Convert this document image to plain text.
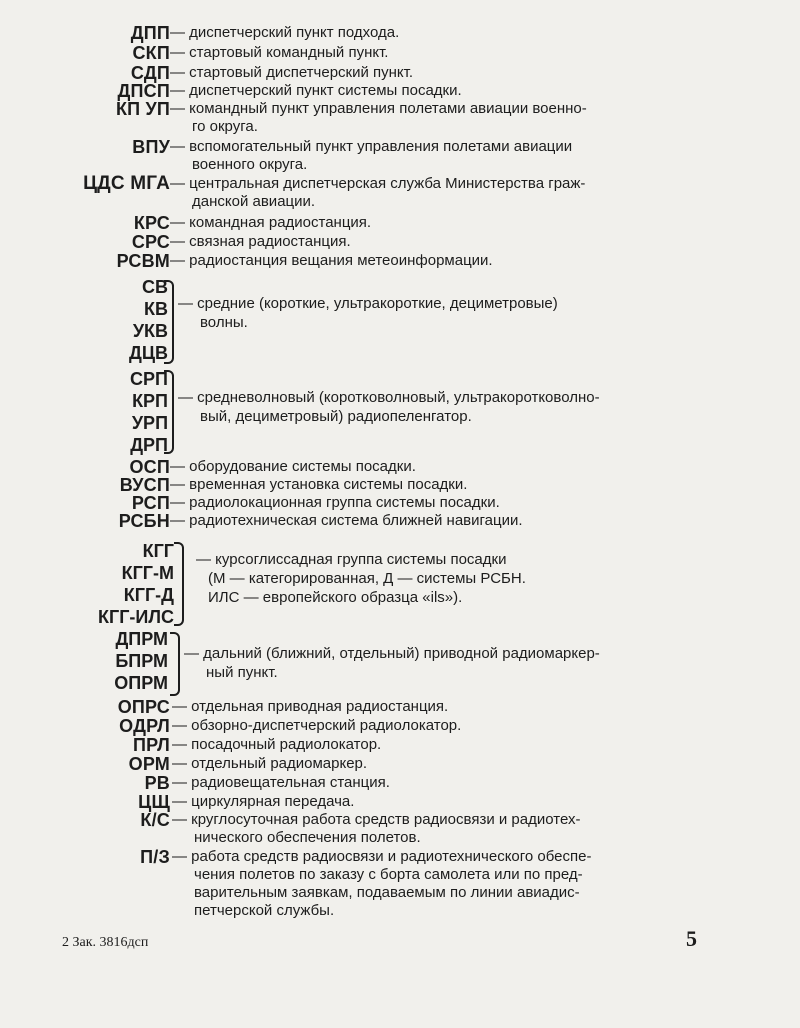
ДПП — диспетчерский пункт подхода.
СКП — стартовый командный пункт.
СДП — стартовый диспетчерский пункт.
ДПСП — диспетчерский пункт системы посадки.
КП УП — командный пункт управления полетами авиации военно-
го округа.
ВПУ — вспомогательный пункт управления полетами авиации
военного округа.
ЦДС МГА — центральная диспетчерская служба Министерства граж-
данской авиации.
КРС — командная радиостанция.
СРС — связная радиостанция.
РСВМ — радиостанция вещания метеоинформации.
СВ
КВ
УКВ
ДЦВ
— средние (короткие, ультракороткие, дециметровые)
волны.
СРП
КРП
УРП
ДРП
— средневолновый (коротковолновый, ультракоротковолно-
вый, дециметровый) радиопеленгатор.
ОСП — оборудование системы посадки.
ВУСП — временная установка системы посадки.
РСП — радиолокационная группа системы посадки.
РСБН — радиотехническая система ближней навигации.
КГГ
КГГ-М
КГГ-Д
КГГ-ИЛС
— курсоглиссадная группа системы посадки
(М — категорированная, Д — системы РСБН.
ИЛС — европейского образца «ils»).
ДПРМ
БПРМ
ОПРМ
— дальний (ближний, отдельный) приводной радиомаркер-
ный пункт.
ОПРС — отдельная приводная радиостанция.
ОДРЛ — обзорно-диспетчерский радиолокатор.
ПРЛ — посадочный радиолокатор.
ОРМ — отдельный радиомаркер.
РВ — радиовещательная станция.
ЦЩ — циркулярная передача.
К/С — круглосуточная работа средств радиосвязи и радиотех-
нического обеспечения полетов.
П/З — работа средств радиосвязи и радиотехнического обеспе-
чения полетов по заказу с борта самолета или по пред-
варительным заявкам, подаваемым по линии авиадис-
петчерской службы.
2 Зак. 3816дсп	5
